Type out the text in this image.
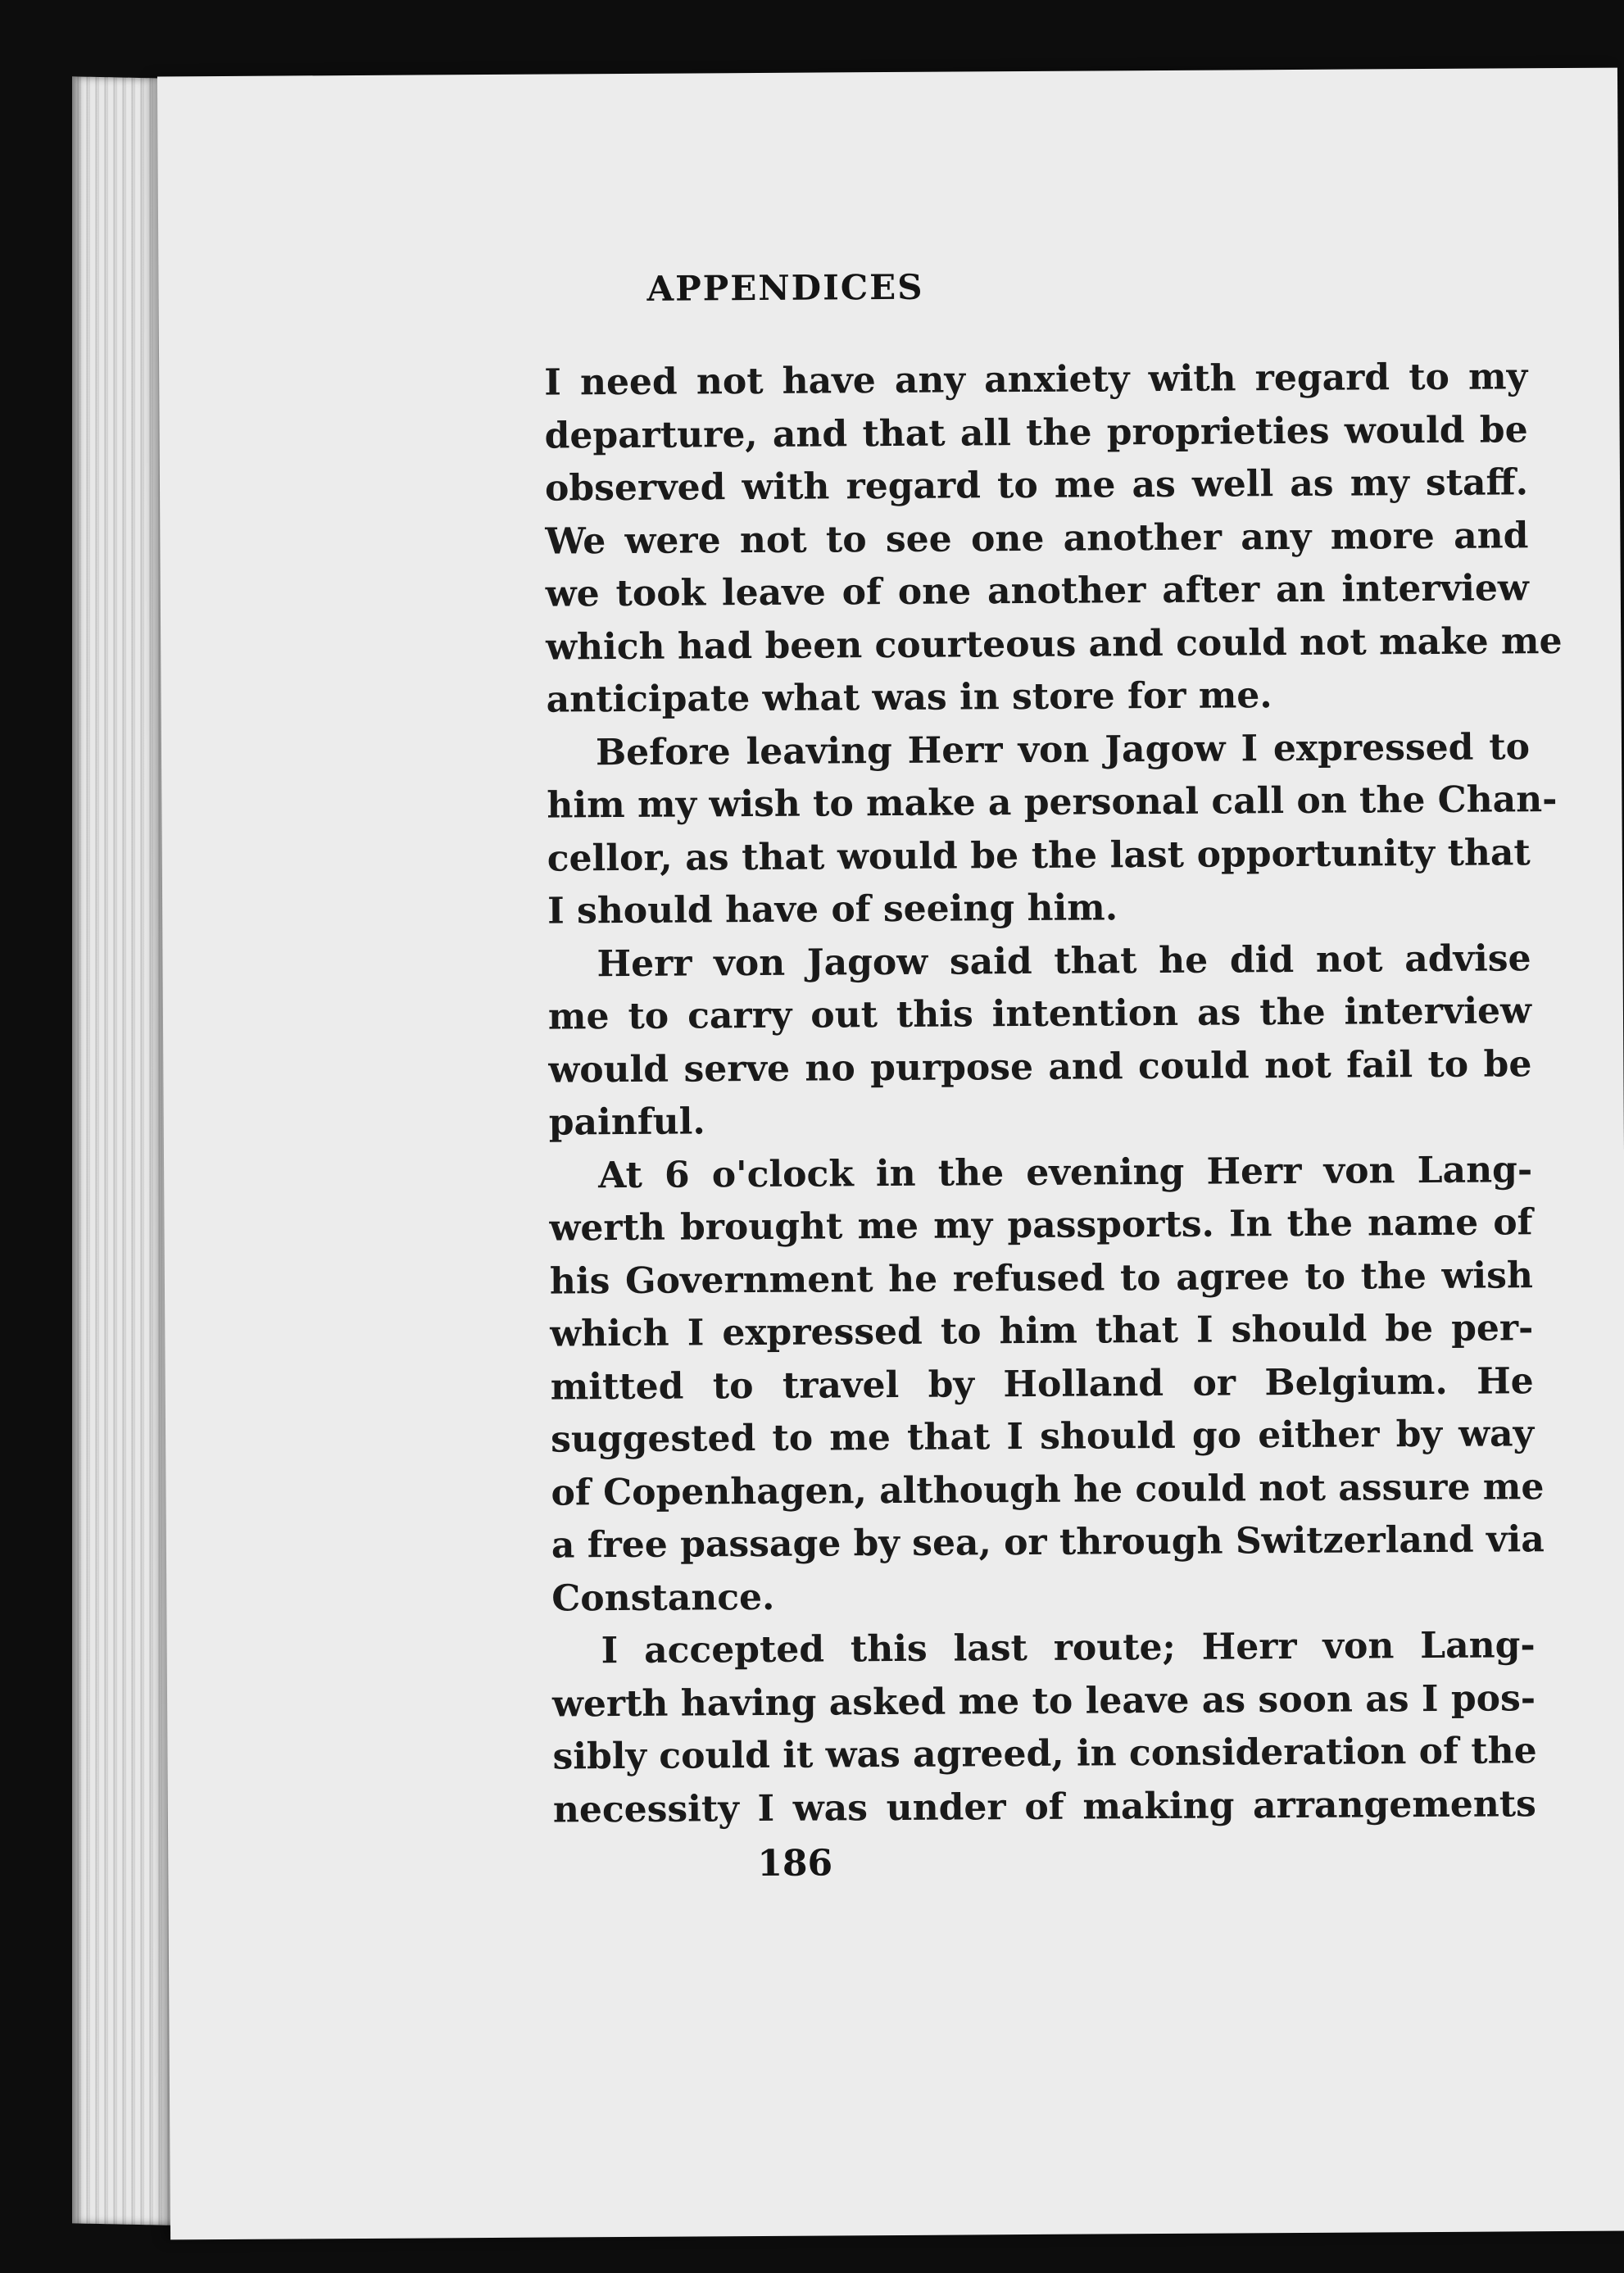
APPENDICES
I need not have any anxiety with regard to my
departure, and that all the proprieties would be
observed with regard to me as well as my staff.
We were not to see one another any more and
we took leave of one another after an interview
which had been courteous and could not make me
anticipate what was in store for me.
Before leaving Herr von Jagow I expressed to
him my wish to make a personal call on the Chan-
cellor, as that would be the last opportunity that
I should have of seeing him.
Herr von Jagow said that he did not advise
me to carry out this intention as the interview
would serve no purpose and could not fail to be
painful.
At 6 o'clock in the evening Herr von Lang-
werth brought me my passports. In the name of
his Government he refused to agree to the wish
which I expressed to him that I should be per-
mitted to travel by Holland or Belgium. He
suggested to me that I should go either by way
of Copenhagen, although he could not assure me
a free passage by sea, or through Switzerland via
Constance.
I accepted this last route; Herr von Lang-
werth having asked me to leave as soon as I pos-
sibly could it was agreed, in consideration of the
necessity I was under of making arrangements
186
